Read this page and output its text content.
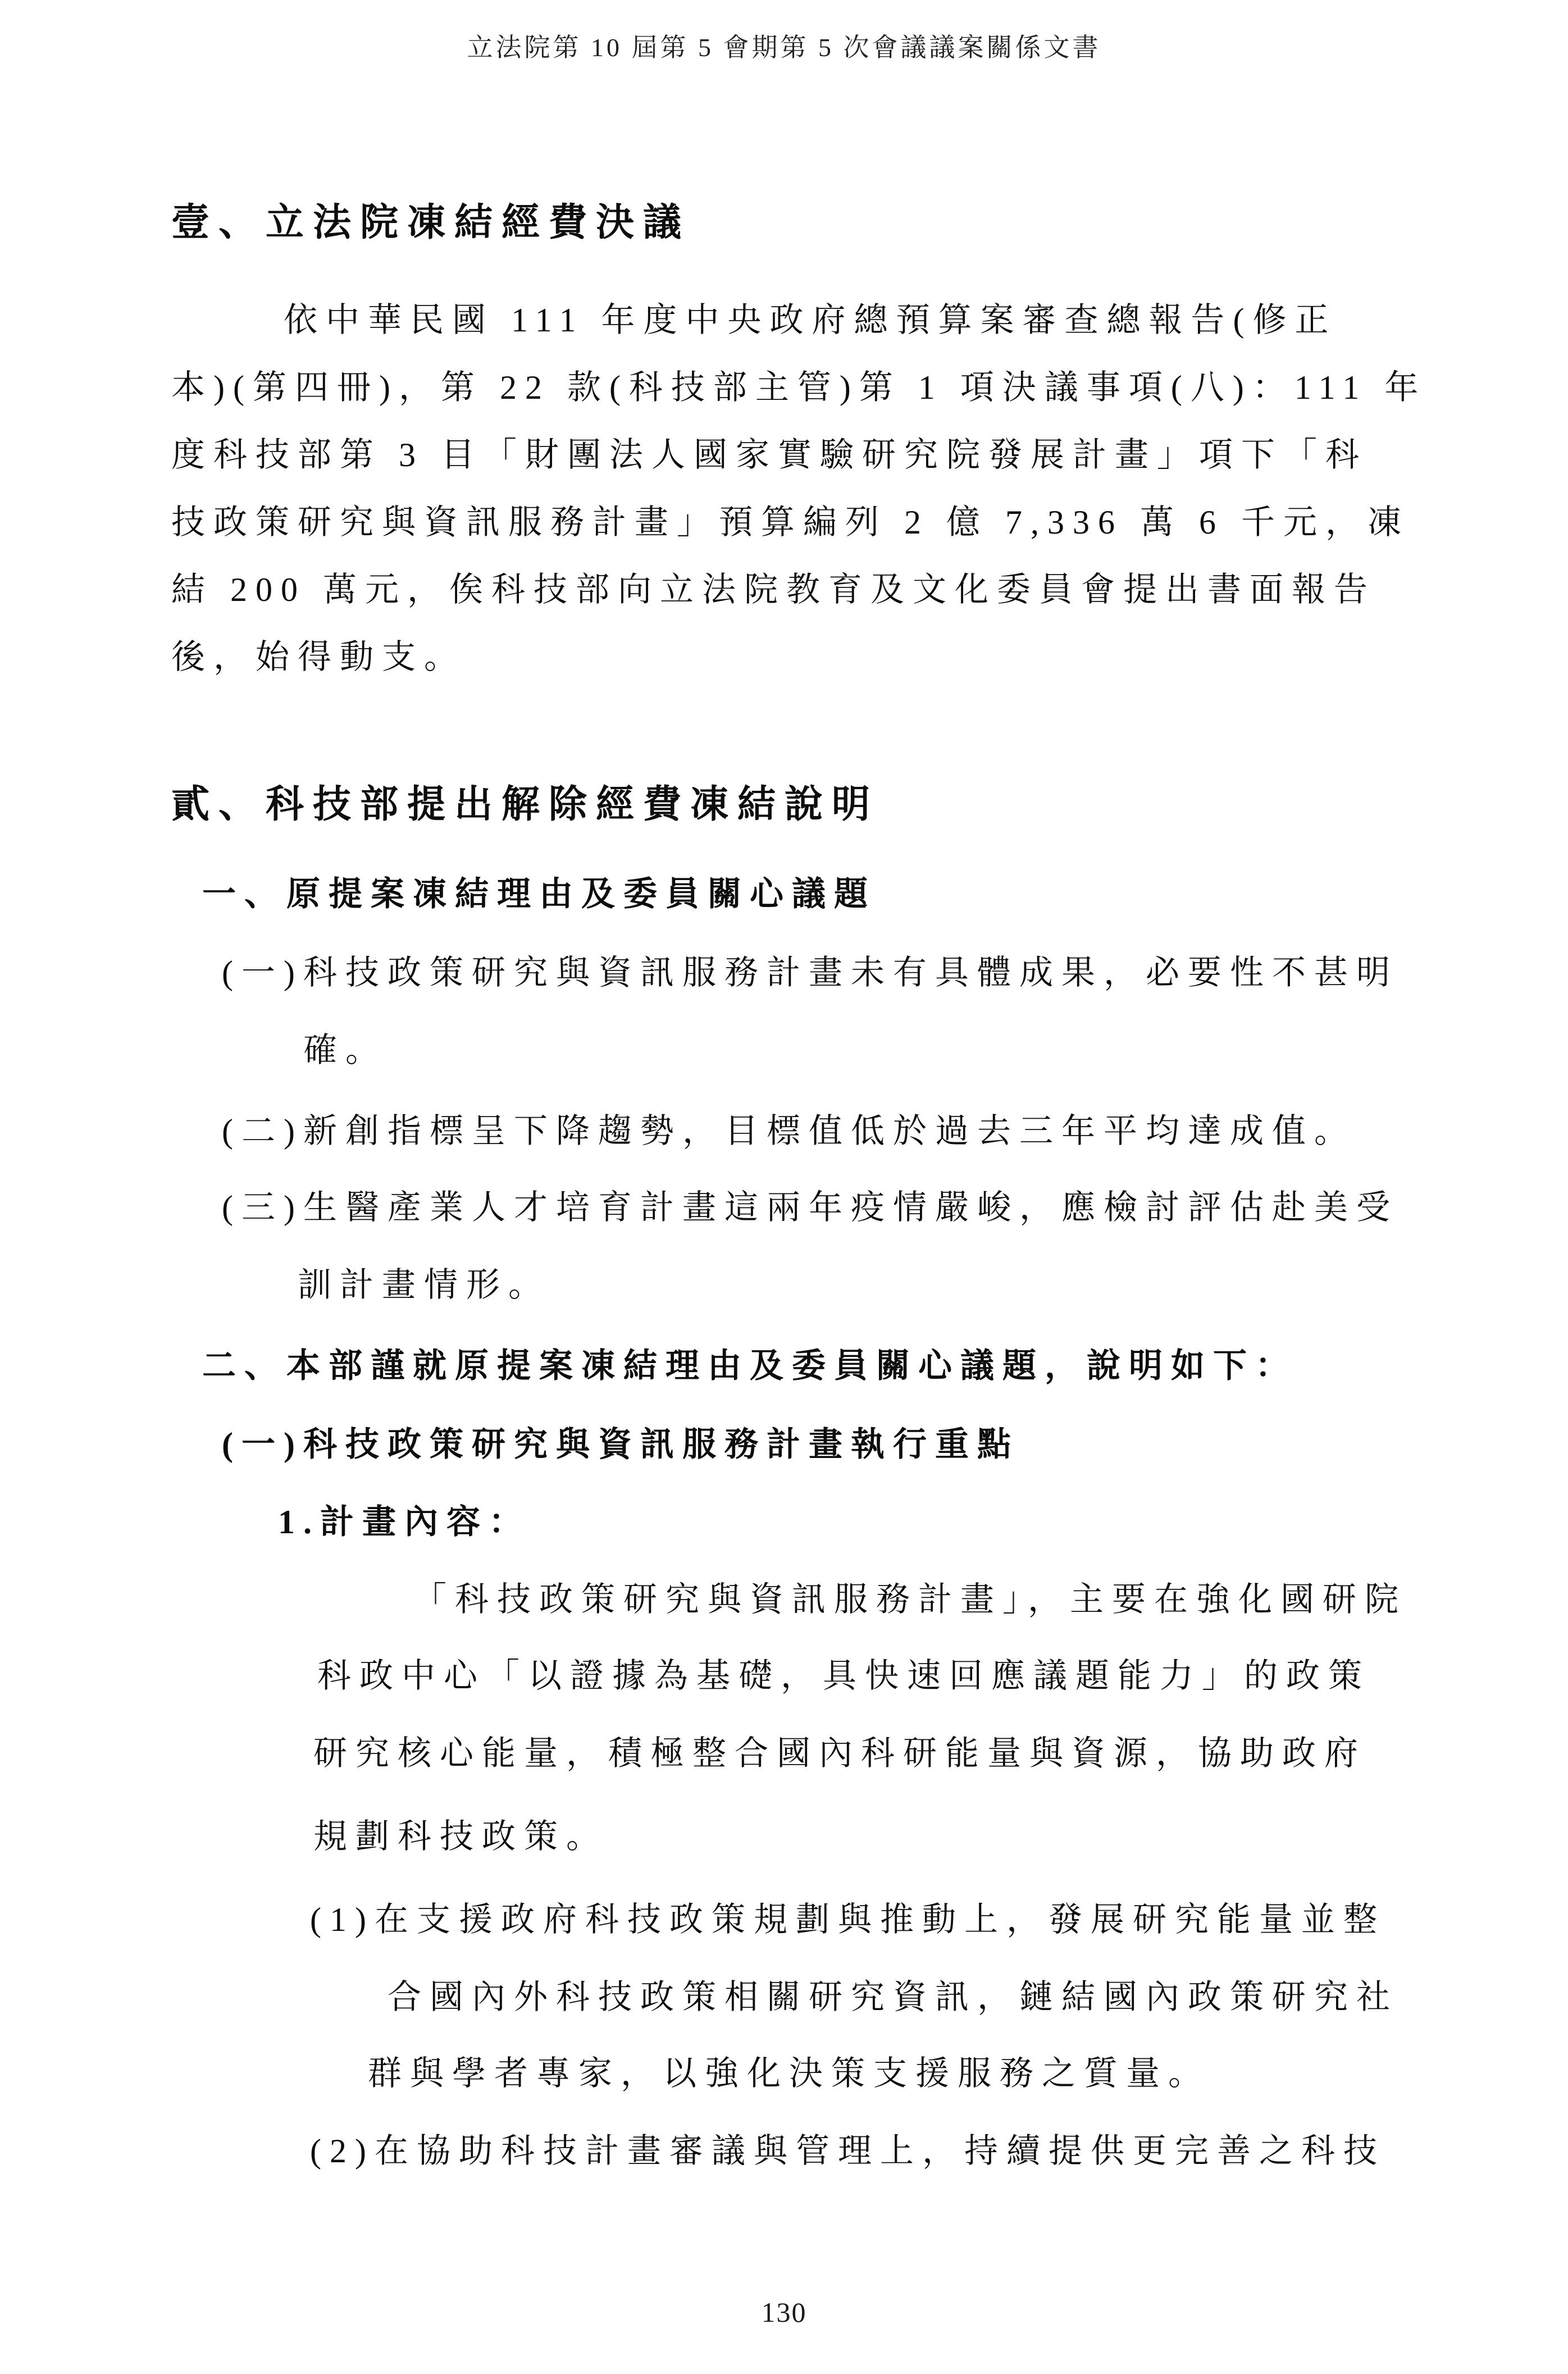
立法院第 10 屆第 5 會期第 5 次會議議案關係文書
壹、立法院凍結經費決議
依中華民國 111 年度中央政府總預算案審查總報告(修正
本)(第四冊)，第 22 款(科技部主管)第 1 項決議事項(八)：111 年
度科技部第 3 目「財團法人國家實驗研究院發展計畫」項下「科
技政策研究與資訊服務計畫」預算編列 2 億 7,336 萬 6 千元，凍
結 200 萬元，俟科技部向立法院教育及文化委員會提出書面報告
後，始得動支。
貳、科技部提出解除經費凍結說明
一、原提案凍結理由及委員關心議題
(一)科技政策研究與資訊服務計畫未有具體成果，必要性不甚明
確。
(二)新創指標呈下降趨勢，目標值低於過去三年平均達成值。
(三)生醫產業人才培育計畫這兩年疫情嚴峻，應檢討評估赴美受
訓計畫情形。
二、本部謹就原提案凍結理由及委員關心議題，說明如下：
(一)科技政策研究與資訊服務計畫執行重點
1.計畫內容：
「科技政策研究與資訊服務計畫」，主要在強化國研院
科政中心「以證據為基礎，具快速回應議題能力」的政策
研究核心能量，積極整合國內科研能量與資源，協助政府
規劃科技政策。
(1)在支援政府科技政策規劃與推動上，發展研究能量並整
合國內外科技政策相關研究資訊，鏈結國內政策研究社
群與學者專家，以強化決策支援服務之質量。
(2)在協助科技計畫審議與管理上，持續提供更完善之科技
130
